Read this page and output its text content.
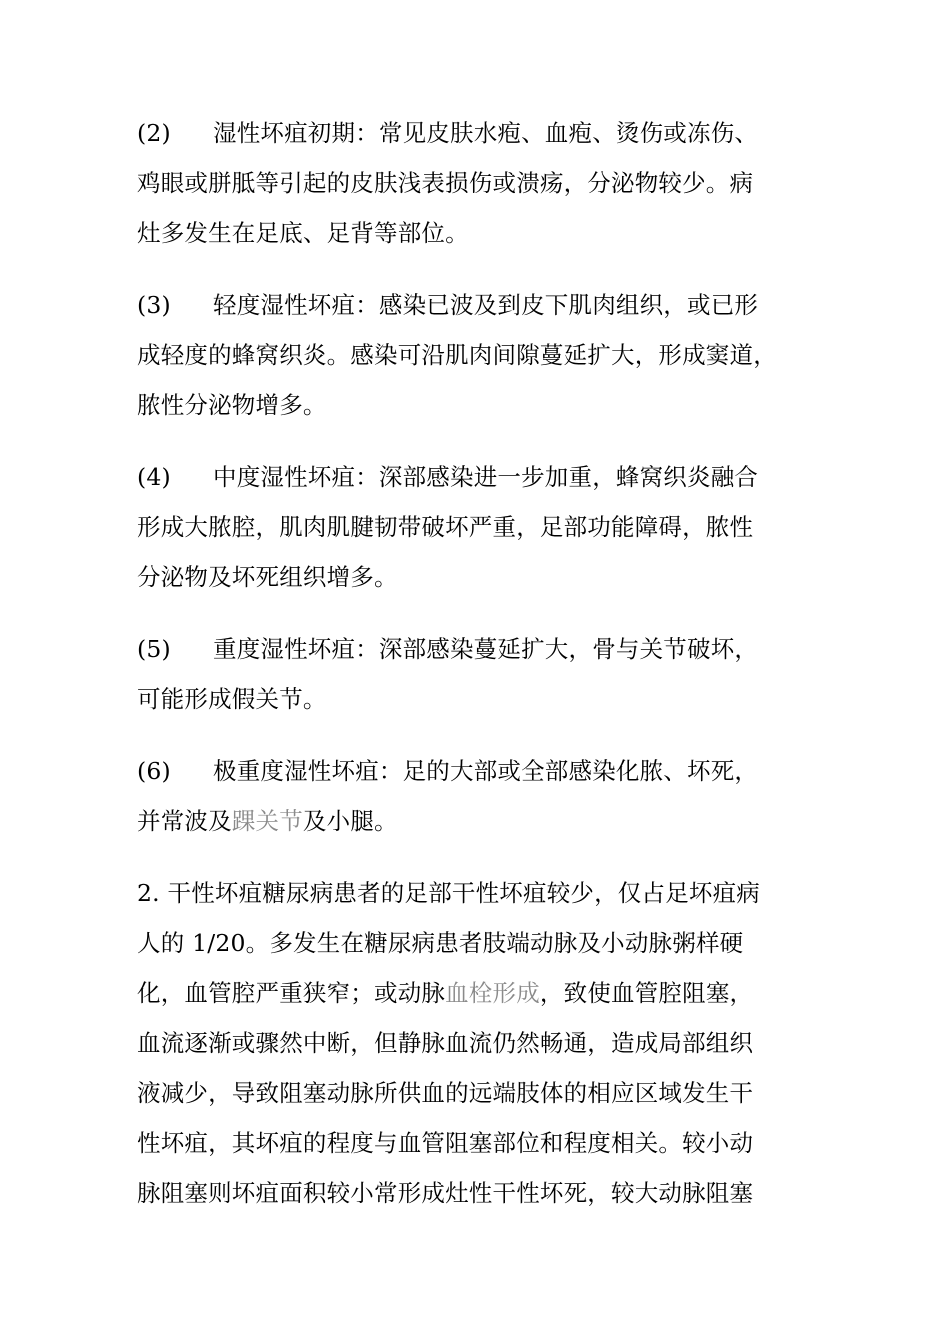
(2) 湿性坏疽初期：常见皮肤水疱、血疱、烫伤或冻伤、
鸡眼或胼胝等引起的皮肤浅表损伤或溃疡，分泌物较少。病
灶多发生在足底、足背等部位。
(3) 轻度湿性坏疽：感染已波及到皮下肌肉组织，或已形
成轻度的蜂窝织炎。感染可沿肌肉间隙蔓延扩大，形成窦道，
脓性分泌物增多。
(4) 中度湿性坏疽：深部感染进一步加重，蜂窝织炎融合
形成大脓腔，肌肉肌腱韧带破坏严重，足部功能障碍，脓性
分泌物及坏死组织增多。
(5) 重度湿性坏疽：深部感染蔓延扩大，骨与关节破坏，
可能形成假关节。
(6) 极重度湿性坏疽：足的大部或全部感染化脓、坏死，
并常波及踝关节及小腿。
2. 干性坏疽糖尿病患者的足部干性坏疽较少，仅占足坏疽病
人的 1/20。多发生在糖尿病患者肢端动脉及小动脉粥样硬
化，血管腔严重狭窄；或动脉血栓形成，致使血管腔阻塞，
血流逐渐或骤然中断，但静脉血流仍然畅通，造成局部组织
液减少，导致阻塞动脉所供血的远端肢体的相应区域发生干
性坏疽，其坏疽的程度与血管阻塞部位和程度相关。较小动
脉阻塞则坏疽面积较小常形成灶性干性坏死，较大动脉阻塞
